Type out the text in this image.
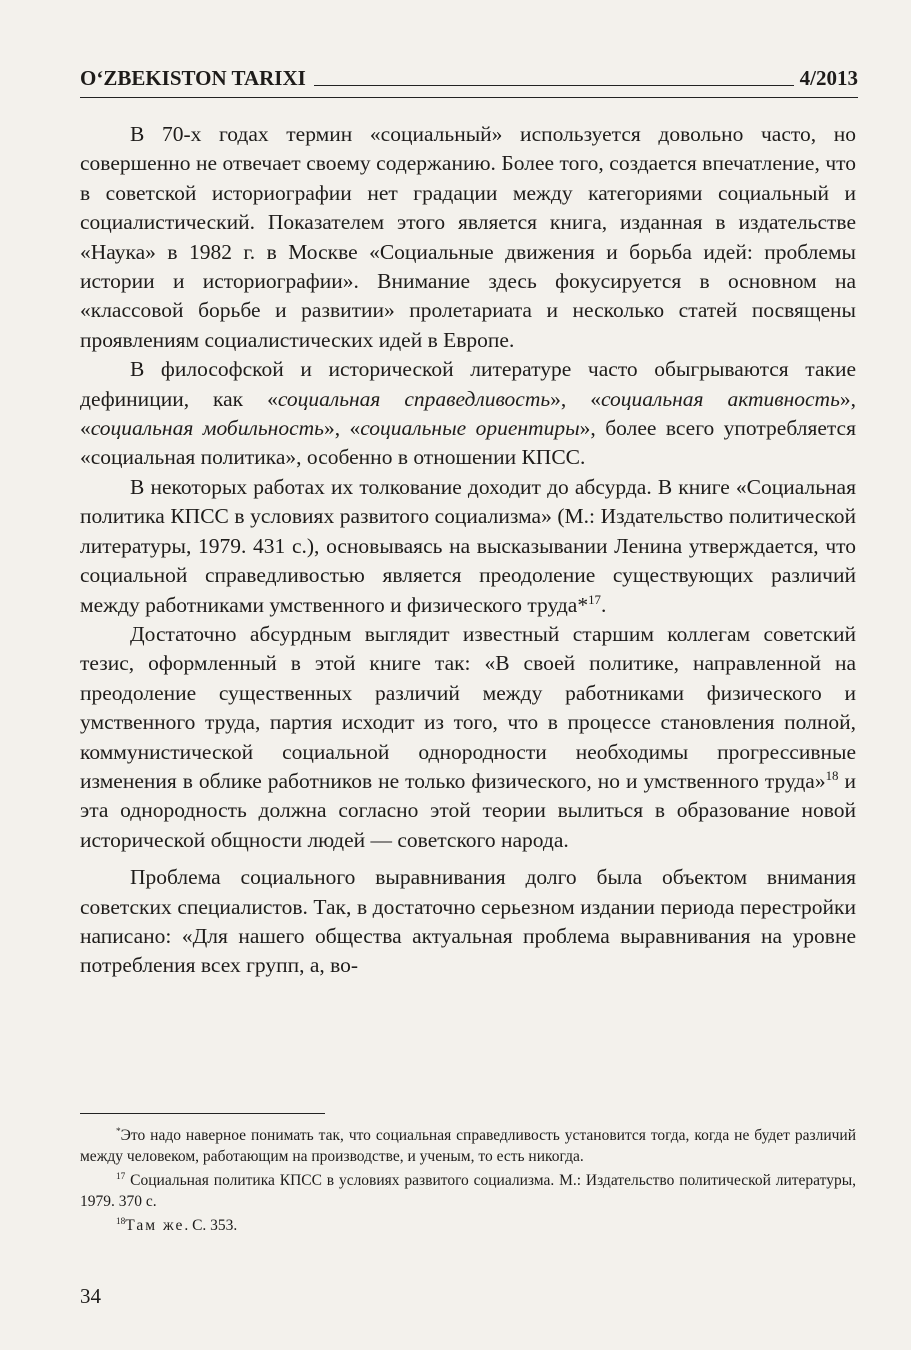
O‘ZBEKISTON TARIXI	4/2013

В 70-х годах термин «социальный» используется довольно часто, но совершенно не отвечает своему содержанию. Более того, создается впечатление, что в советской историографии нет градации между категориями социальный и социалистический. Показателем этого является книга, изданная в издательстве «Наука» в 1982 г. в Москве «Социальные движения и борьба идей: проблемы истории и историографии». Внимание здесь фокусируется в основном на «классовой борьбе и развитии» пролетариата и несколько статей посвящены проявлениям социалистических идей в Европе.

В философской и исторической литературе часто обыгрываются такие дефиниции, как «социальная справедливость», «социальная активность», «социальная мобильность», «социальные ориентиры», более всего употребляется «социальная политика», особенно в отношении КПСС.

В некоторых работах их толкование доходит до абсурда. В книге «Социальная политика КПСС в условиях развитого социализма» (М.: Издательство политической литературы, 1979. 431 с.), основываясь на высказывании Ленина утверждается, что социальной справедливостью является преодоление существующих различий между работниками умственного и физического труда*$^{17}$.

Достаточно абсурдным выглядит известный старшим коллегам советский тезис, оформленный в этой книге так: «В своей политике, направленной на преодоление существенных различий между работниками физического и умственного труда, партия исходит из того, что в процессе становления полной, коммунистической социальной однородности необходимы прогрессивные изменения в облике работников не только физического, но и умственного труда»$^{18}$ и эта однородность должна согласно этой теории вылиться в образование новой исторической общности людей — советского народа.

Проблема социального выравнивания долго была объектом внимания советских специалистов. Так, в достаточно серьезном издании периода перестройки написано: «Для нашего общества актуальная проблема выравнивания на уровне потребления всех групп, а, во-

*Это надо наверное понимать так, что социальная справедливость установится тогда, когда не будет различий между человеком, работающим на производстве, и ученым, то есть никогда.

$^{17}$ Социальная политика КПСС в условиях развитого социализма. М.: Издательство политической литературы, 1979. 370 с.

$^{18}$Там же. С. 353.

34
